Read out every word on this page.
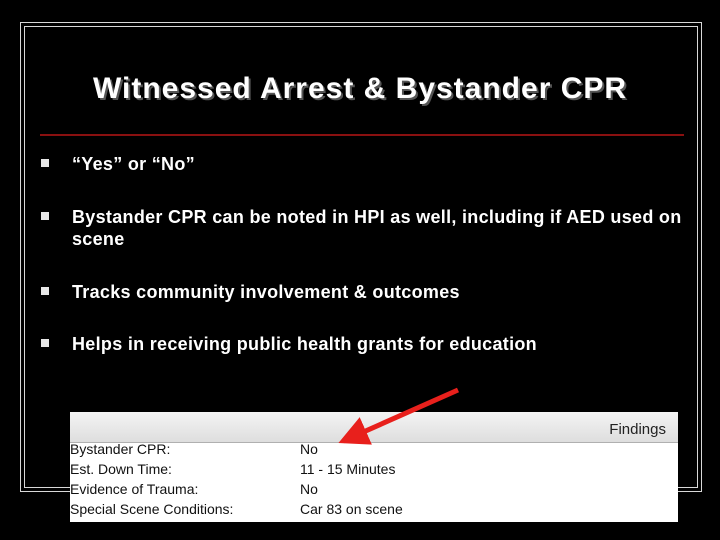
Witnessed Arrest & Bystander CPR
“Yes” or “No”
Bystander CPR can be noted in HPI as well, including if AED used on scene
Tracks community involvement & outcomes
Helps in receiving public health grants for education
Findings
Bystander CPR:	No
Est. Down Time:	11 - 15 Minutes
Evidence of Trauma:	No
Special Scene Conditions:	Car 83 on scene
